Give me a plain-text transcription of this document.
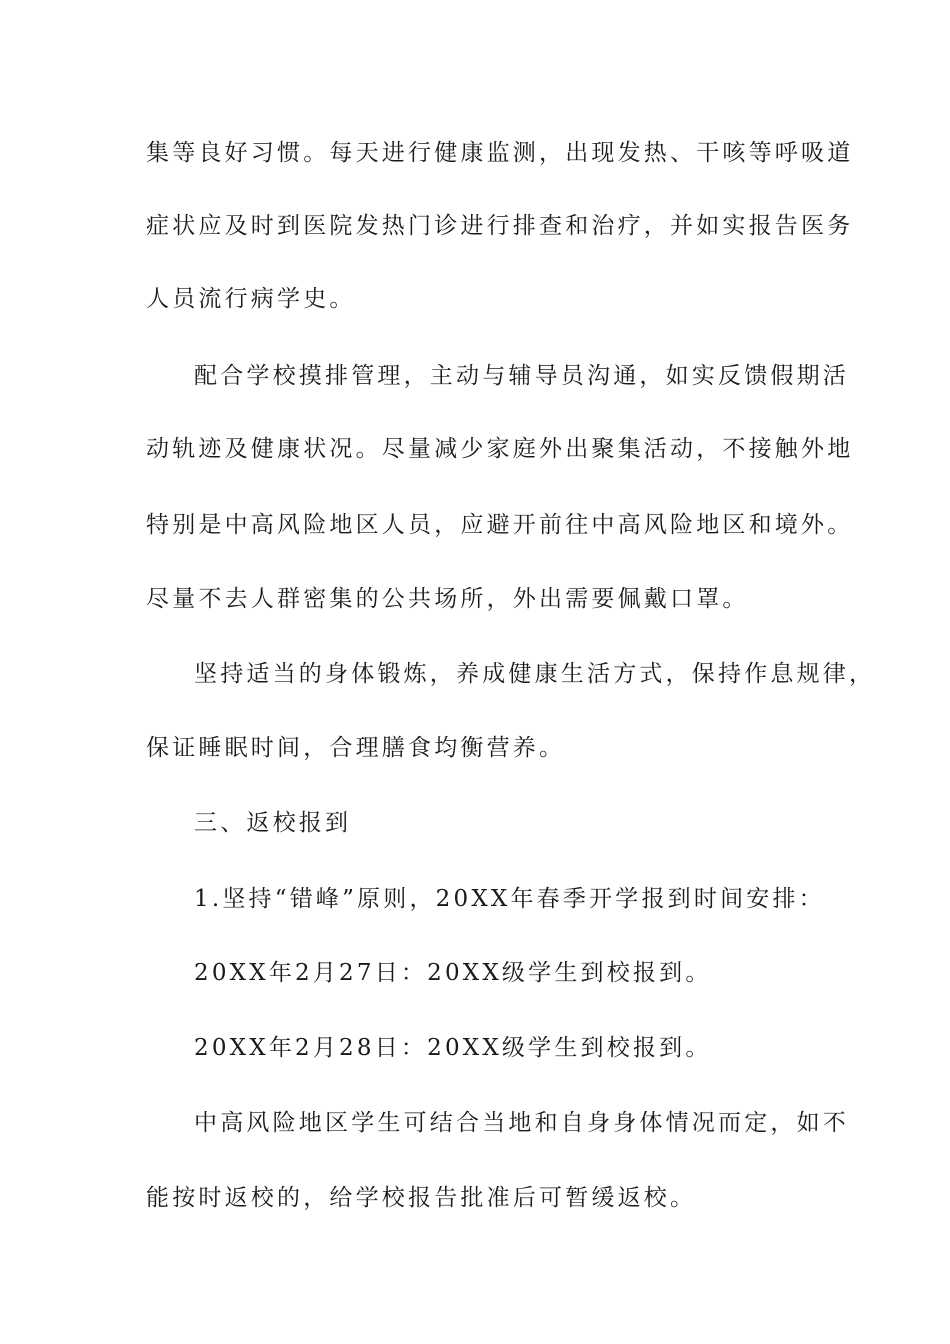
集等良好习惯。每天进行健康监测，出现发热、干咳等呼吸道

症状应及时到医院发热门诊进行排查和治疗，并如实报告医务

人员流行病学史。

配合学校摸排管理，主动与辅导员沟通，如实反馈假期活

动轨迹及健康状况。尽量减少家庭外出聚集活动，不接触外地

特别是中高风险地区人员，应避开前往中高风险地区和境外。

尽量不去人群密集的公共场所，外出需要佩戴口罩。

坚持适当的身体锻炼，养成健康生活方式，保持作息规律，

保证睡眠时间，合理膳食均衡营养。

三、返校报到

1.坚持“错峰”原则，20XX年春季开学报到时间安排：

20XX年2月27日：20XX级学生到校报到。

20XX年2月28日：20XX级学生到校报到。

中高风险地区学生可结合当地和自身身体情况而定，如不

能按时返校的，给学校报告批准后可暂缓返校。
